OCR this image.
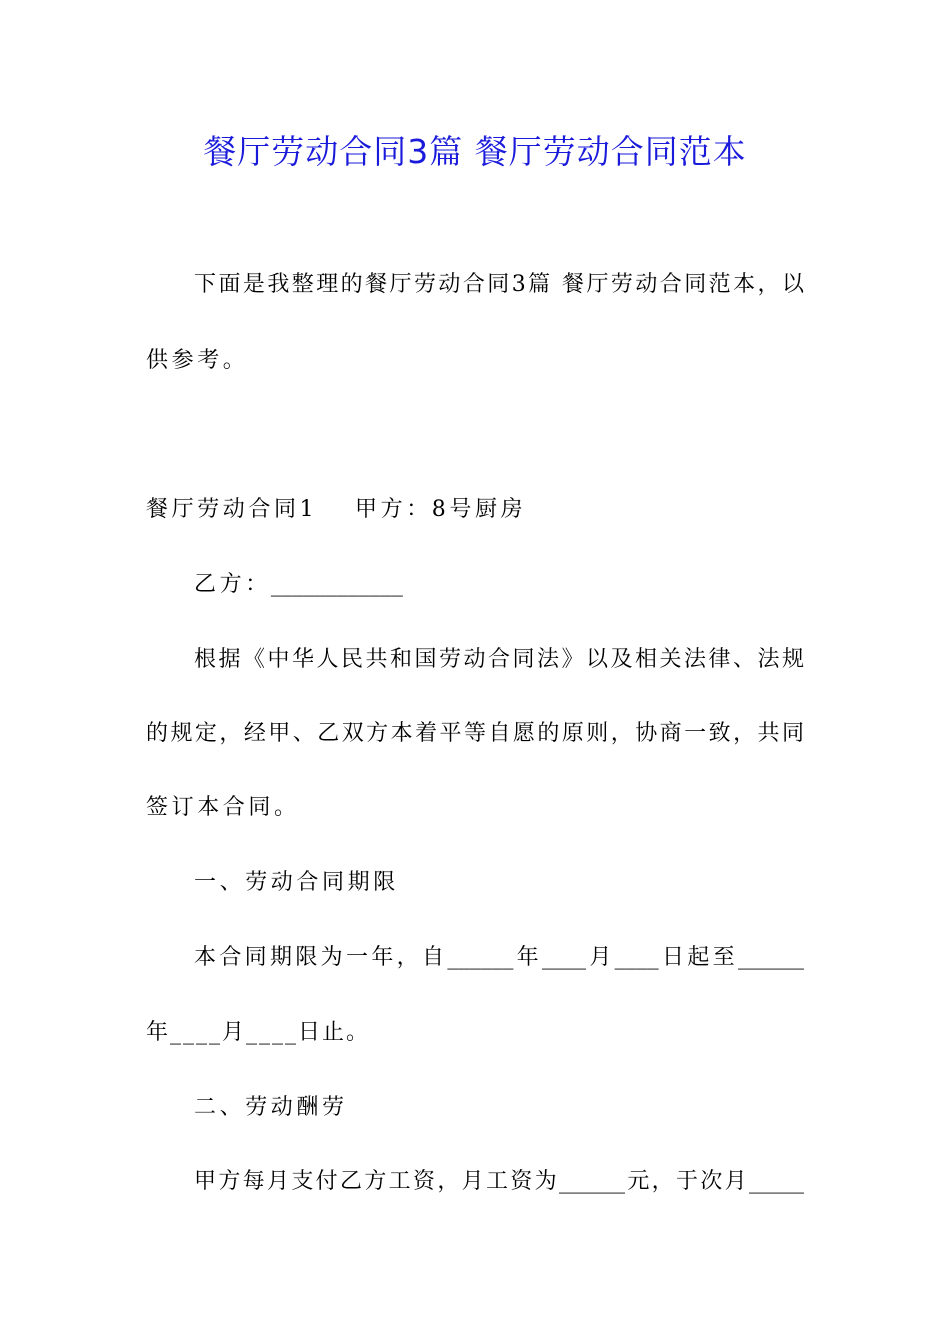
餐厅劳动合同3篇 餐厅劳动合同范本
下面是我整理的餐厅劳动合同3篇 餐厅劳动合同范本，以
供参考。
餐厅劳动合同1 甲方：8号厨房
乙方：____________
根据《中华人民共和国劳动合同法》以及相关法律、法规
的规定，经甲、乙双方本着平等自愿的原则，协商一致，共同
签订本合同。
一、劳动合同期限
本合同期限为一年，自______年____月____日起至______
年____月____日止。
二、劳动酬劳
甲方每月支付乙方工资，月工资为______元，于次月_____
